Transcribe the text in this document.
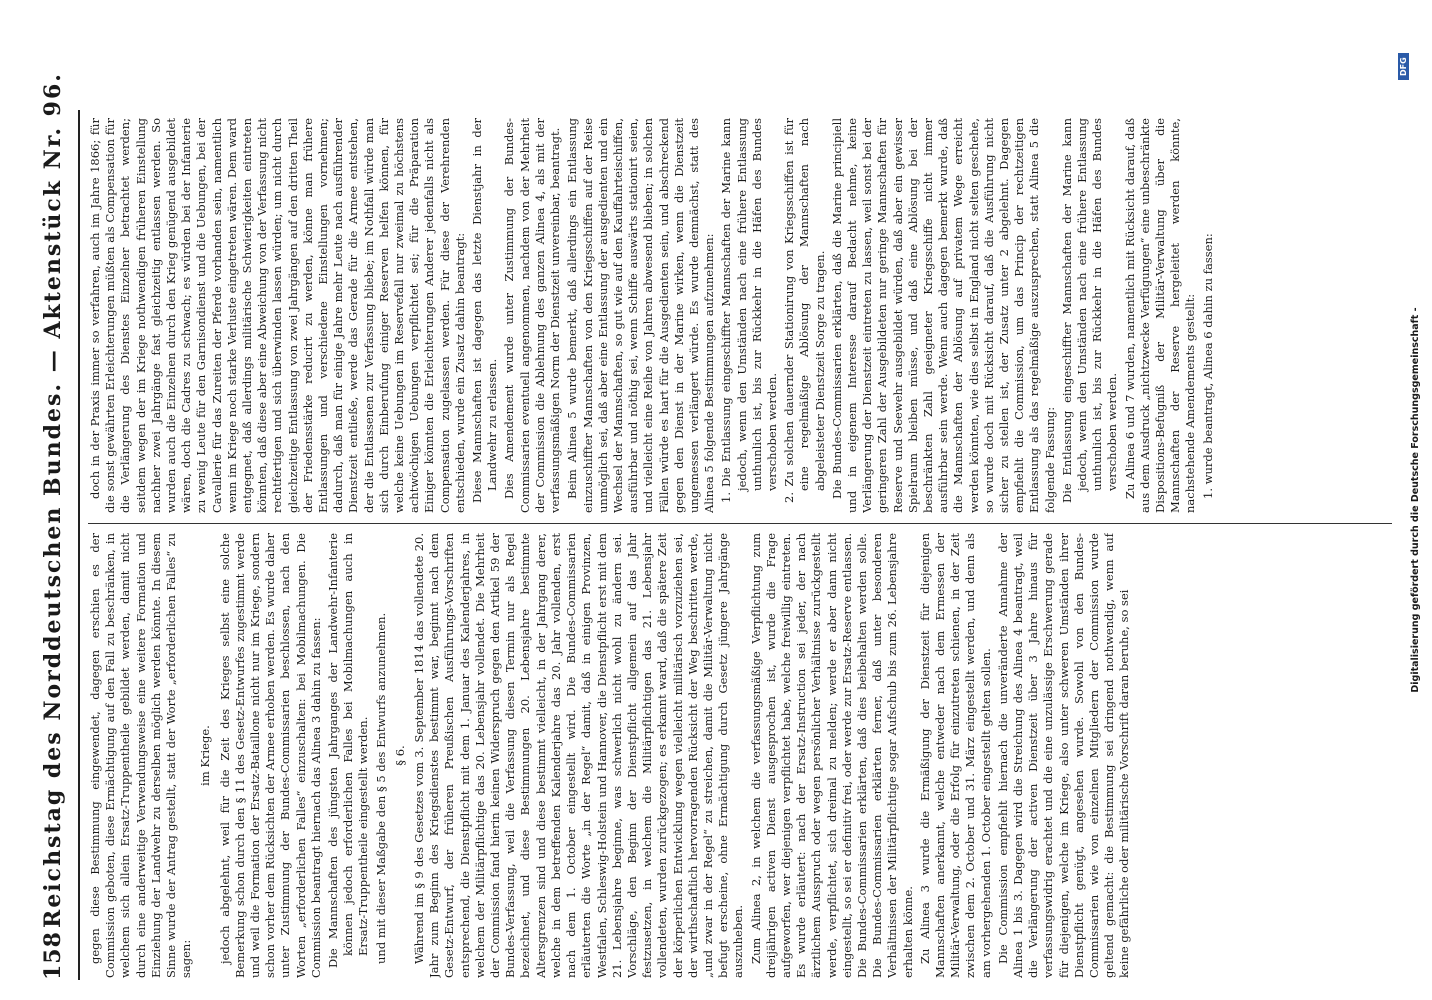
158
Reichstag des Norddeutschen Bundes. — Aktenstück Nr. 96. gegen diese Bestimmung eingewendet, dagegen erschien es der Commission geboten, diese Ermächtigung auf den Fall zu beschränken, in welchem sich allein Ersatz-Truppentheile gebildet werden, damit nicht durch eine anderweitige Verwendungsweise eine weitere Formation und Einziehung der Landwehr zu derselben möglich werden könnte. In diesem Sinne wurde der Antrag gestellt, statt der Worte „erforderlichen Falles“ zu sagen:

im Kriege. jedoch abgelehnt, weil für die Zeit des Krieges selbst eine solche Bemerkung schon durch den § 11 des Gesetz-Entwurfes zugestimmt werde und weil die Formation der Ersatz-Bataillone nicht nur im Kriege, sondern schon vorher dem Rücksichten der Armee erhoben werden. Es wurde daher unter Zustimmung der Bundes-Commissarien beschlossen, nach den Worten „erforderlichen Falles“ einzuschalten: bei Mobilmachungen. Die Commission beantragt hiernach das Alinea 3 dahin zu fassen: Die Mannschaften des jüngsten Jahrganges der Landwehr-Infanterie können jedoch erforderlichen Falles bei Mobilmachungen auch in Ersatz-Truppentheile eingestellt werden. und mit dieser Maßgabe den § 5 des Entwurfs anzunehmen. § 6. Während im § 9 des Gesetzes vom 3. September 1814 das vollendete 20. Jahr zum Beginn des Kriegsdienstes bestimmt war, beginnt nach dem Gesetz-Entwurf, der früheren Preußischen Ausführungs-Vorschriften entsprechend, die Dienstpflicht mit dem 1. Januar des Kalenderjahres, in welchem der Militärpflichtige das 20. Lebensjahr vollendet. Die Mehrheit der Commission fand hierin keinen Widerspruch gegen den Artikel 59 der Bundes-Verfassung, weil die Verfassung diesen Termin nur als Regel bezeichnet, und diese Bestimmungen 20. Lebensjahre bestimmte Altersgrenzen sind und diese bestimmt vielleicht, in der Jahrgang derer, welche in dem betreffenden Kalenderjahre das 20. Jahr vollenden, erst nach dem 1. October eingestellt wird. Die Bundes-Commissarien erläuterten die Worte „in der Regel“ damit, daß in einigen Provinzen, Westfalen, Schleswig-Holstein und Hannover, die Dienstpflicht erst mit dem 21. Lebensjahre beginne, was schwerlich nicht wohl zu ändern sei. Vorschläge, den Beginn der Dienstpflicht allgemein auf das Jahr festzusetzen, in welchem die Militärpflichtigen das 21. Lebensjahr vollendeten, wurden zurückgezogen; es erkannt ward, daß die spätere Zeit der körperlichen Entwicklung wegen vielleicht militärisch vorzuziehen sei, der wirthschaftlich hervorragenden Rücksicht der Weg beschritten werde, „und zwar in der Regel“ zu streichen, damit die Militär-Verwaltung nicht befugt erscheine, ohne Ermächtigung durch Gesetz jüngere Jahrgänge auszuheben. Zum Alinea 2, in welchem die verfassungsmäßige Verpflichtung zum dreijährigen activen Dienst ausgesprochen ist, wurde die Frage aufgeworfen, wer diejenigen verpflichtet habe, welche freiwillig eintreten. Es wurde erläutert: nach der Ersatz-Instruction sei jeder, der nach ärztlichem Ausspruch oder wegen persönlicher Verhältnisse zurückgestellt werde, verpflichtet, sich dreimal zu melden; werde er aber dann nicht eingestellt, so sei er definitiv frei, oder werde zur Ersatz-Reserve entlassen. Die Bundes-Commissarien erklärten, daß dies beibehalten werden solle. Die Bundes-Commissarien erklärten ferner, daß unter besonderen Verhältnissen der Militärpflichtige sogar Aufschub bis zum 26. Lebensjahre erhalten könne. Zu Alinea 3 wurde die Ermäßigung der Dienstzeit für diejenigen Mannschaften anerkannt, welche entweder nach dem Ermessen der Militär-Verwaltung, oder die Erfolg für einzutreten schienen, in der Zeit zwischen dem 2. October und 31. März eingestellt werden, und denn als am vorhergehenden 1. October eingestellt gelten sollen. Die Commission empfiehlt hiernach die unveränderte Annahme der Alinea 1 bis 3. Dagegen wird die Streichung des Alinea 4 beantragt, weil die Verlängerung der activen Dienstzeit über 3 Jahre hinaus für verfassungswidrig erachtet und die eine unzulässige Erschwerung gerade für diejenigen, welche im Kriege, also unter schweren Umständen ihrer Dienstpflicht genügt, angesehen wurde. Sowohl von den Bundes-Commissarien wie von einzelnen Mitgliedern der Commission wurde geltend gemacht: die Bestimmung sei dringend nothwendig, wenn auf keine gefährliche oder militärische Vorschrift daran beruhe, so sei

doch in der Praxis immer so verfahren, auch im Jahre 1866; für die sonst gewährten Erleichterungen müßten als Compensation für die Verlängerung des Dienstes Einzelner betrachtet werden; seitdem wegen der im Kriege nothwendigen früheren Einstellung nachher zwei Jahrgänge fast gleichzeitig entlassen werden. So wurden auch die Einzelnen durch den Krieg genügend ausgebildet wären, doch die Cadres zu schwach; es würden bei der Infanterie zu wenig Leute für den Garnisondienst und die Uebungen, bei der Cavallerie für das Zureiten der Pferde vorhanden sein, namentlich wenn im Kriege noch starke Verluste eingetreten wären. Dem ward entgegnet, daß allerdings militärische Schwierigkeiten eintreten könnten, daß diese aber eine Abweichung von der Verfassung nicht rechtfertigen und sich überwinden lassen würden; um nicht durch gleichzeitige Entlassung von zwei Jahrgängen auf den dritten Theil der Friedensstärke reducirt zu werden, könne man frühere Entlassungen und verschiedene Einstellungen vornehmen; dadurch, daß man für einige Jahre mehr Leute nach ausführender Dienstzeit entließe, werde das Gerade für die Armee entstehen, der die Entlassenen zur Verfassung bliebe; im Nothfall würde man sich durch Einberufung einiger Reserven helfen können, für welche keine Uebungen im Reservefall nur zweimal zu höchstens achtwöchigen Uebungen verpflichtet sei; für die Präparation Einiger könnten die Erleichterungen Anderer jedenfalls nicht als Compensation zugelassen werden. Für diese der Verehrenden entschieden, wurde ein Zusatz dahin beantragt: Diese Mannschaften ist dagegen das letzte Dienstjahr in der Landwehr zu erlassen. Dies Amendement wurde unter Zustimmung der Bundes-Commissarien eventuell angenommen, nachdem von der Mehrheit der Commission die Ablehnung des ganzen Alinea 4, als mit der verfassungsmäßigen Norm der Dienstzeit unvereinbar, beantragt. Beim Alinea 5 wurde bemerkt, daß allerdings ein Entlassung einzuschiffter Mannschaften von den Kriegsschiffen auf der Reise unmöglich sei, daß aber eine Entlassung der ausgedienten und ein Wechsel der Mannschaften, so gut wie auf den Kauffahrteischiffen, ausführbar und nöthig sei, wenn Schiffe auswärts stationirt seien, und vielleicht eine Reihe von Jahren abwesend blieben; in solchen Fällen würde es hart für die Ausgedienten sein, und abschreckend gegen den Dienst in der Marine wirken, wenn die Dienstzeit ungemessen verlängert würde. Es wurde demnächst, statt des Alinea 5 folgende Bestimmungen aufzunehmen: 1. Die Entlassung eingeschiffter Mannschaften der Marine kann jedoch, wenn den Umständen nach eine frühere Entlassung unthunlich ist, bis zur Rückkehr in die Häfen des Bundes verschoben werden. 2. Zu solchen dauernder Stationirung von Kriegsschiffen ist für eine regelmäßige Ablösung der Mannschaften nach abgeleisteter Dienstzeit Sorge zu tragen. Die Bundes-Commissarien erklärten, daß die Marine principiell und in eigenem Interesse darauf Bedacht nehme, keine Verlängerung der Dienstzeit eintreten zu lassen, weil sonst bei der geringeren Zahl der Ausgebildeten nur geringe Mannschaften für Reserve und Seewehr ausgebildet würden, daß aber ein gewisser Spielraum bleiben müsse, und daß eine Ablösung bei der beschränkten Zahl geeigneter Kriegsschiffe nicht immer ausführbar sein werde. Wenn auch dagegen bemerkt wurde, daß die Mannschaften der Ablösung auf privatem Wege erreicht werden könnten, wie dies selbst in England nicht selten geschehe, so wurde doch mit Rücksicht darauf, daß die Ausführung nicht sicher zu stellen ist, der Zusatz unter 2 abgelehnt. Dagegen empfiehlt die Commission, um das Princip der rechtzeitigen Entlassung als das regelmäßige auszusprechen, statt Alinea 5 die folgende Fassung: Die Entlassung eingeschiffter Mannschaften der Marine kann jedoch, wenn den Umständen nach eine frühere Entlassung unthunlich ist, bis zur Rückkehr in die Häfen des Bundes verschoben werden. Zu Alinea 6 und 7 wurden, namentlich mit Rücksicht darauf, daß aus dem Ausdruck „nichtzwecke Verfügungen“ eine unbeschränkte Dispositions-Befugniß der Militär-Verwaltung über die Mannschaften der Reserve hergeleitet werden könnte, nachstehende Amendements gestellt: 1. wurde beantragt, Alinea 6 dahin zu fassen:	Digitalisierung gefördert durch die Deutsche Forschungsgemeinschaft -
DFG
